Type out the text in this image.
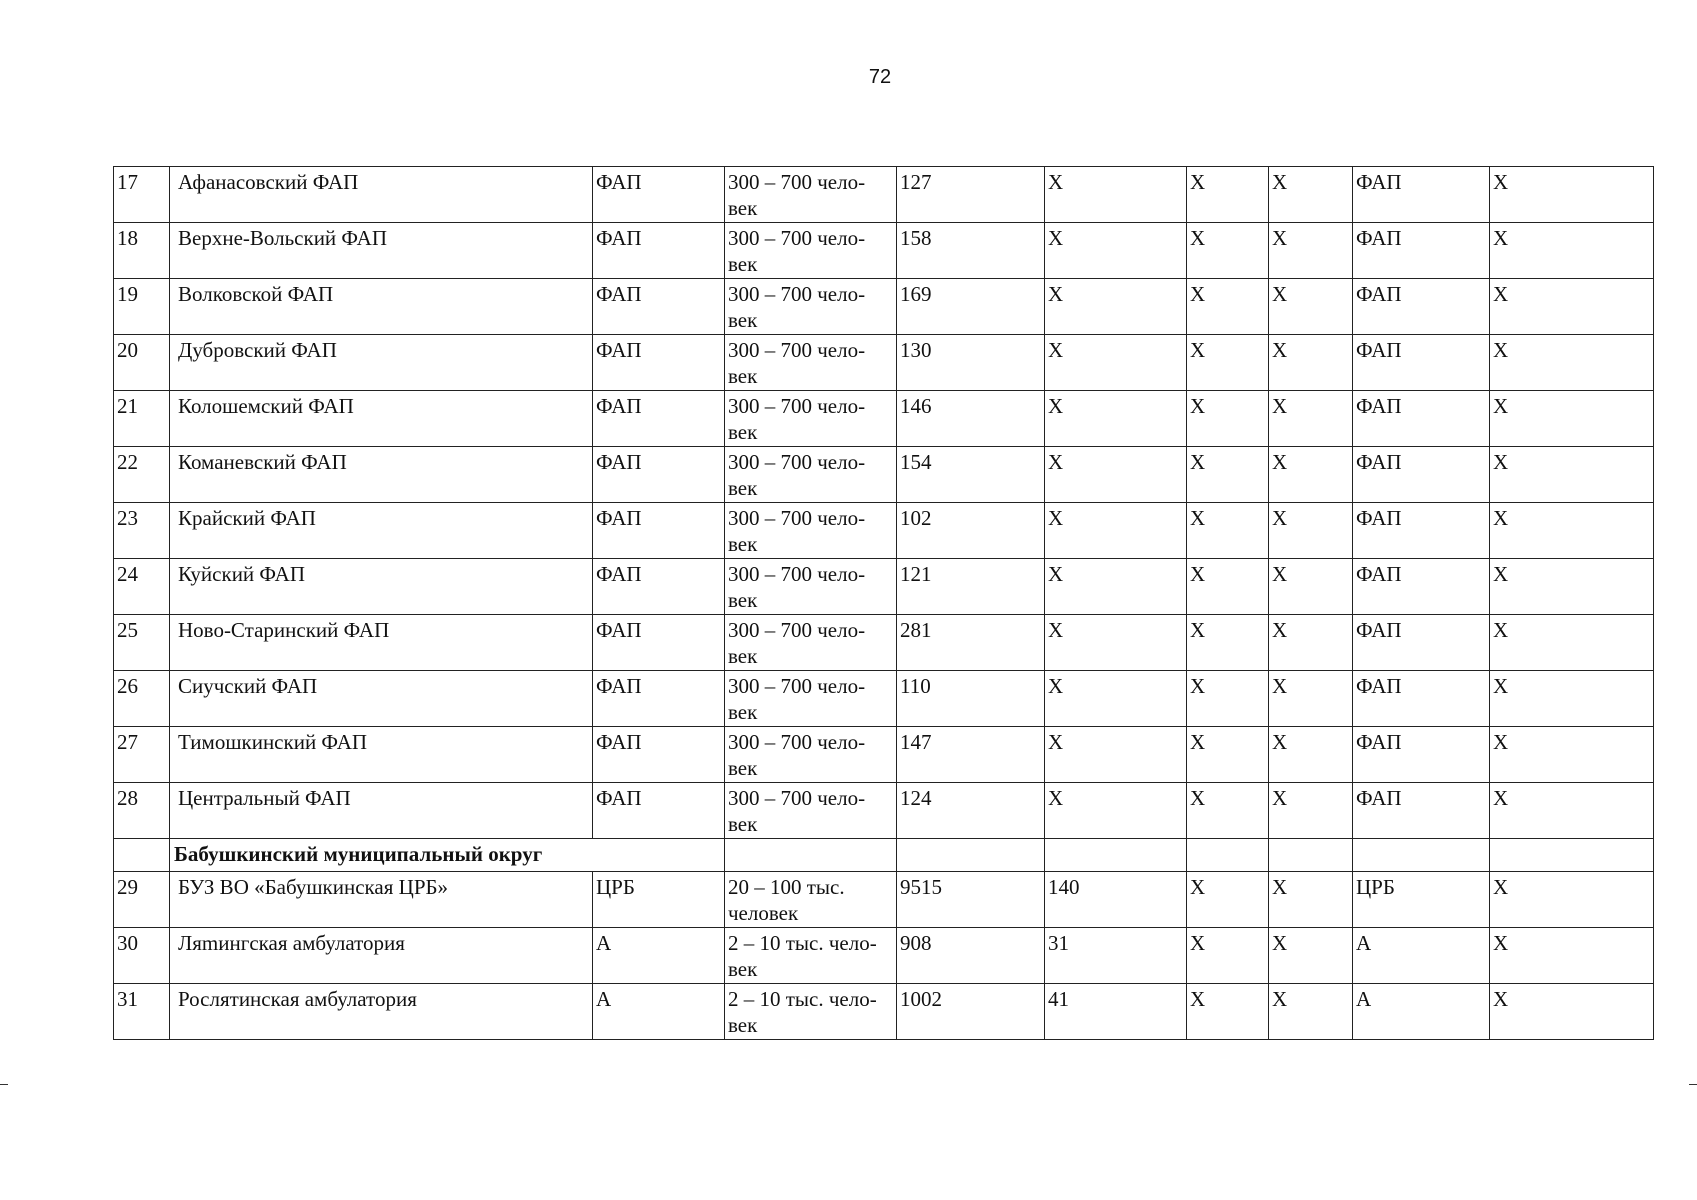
72
17	Афанасовский ФАП	ФАП	300 – 700 чело-
век	127	Х	Х	Х	ФАП	Х
18	Верхне-Вольский ФАП	ФАП	300 – 700 чело-
век	158	Х	Х	Х	ФАП	Х
19	Волковской ФАП	ФАП	300 – 700 чело-
век	169	Х	Х	Х	ФАП	Х
20	Дубровский ФАП	ФАП	300 – 700 чело-
век	130	Х	Х	Х	ФАП	Х
21	Колошемский ФАП	ФАП	300 – 700 чело-
век	146	Х	Х	Х	ФАП	Х
22	Команевский ФАП	ФАП	300 – 700 чело-
век	154	Х	Х	Х	ФАП	Х
23	Крайский ФАП	ФАП	300 – 700 чело-
век	102	Х	Х	Х	ФАП	Х
24	Куйский ФАП	ФАП	300 – 700 чело-
век	121	Х	Х	Х	ФАП	Х
25	Ново-Старинский ФАП	ФАП	300 – 700 чело-
век	281	Х	Х	Х	ФАП	Х
26	Сиучский ФАП	ФАП	300 – 700 чело-
век	110	Х	Х	Х	ФАП	Х
27	Тимошкинский ФАП	ФАП	300 – 700 чело-
век	147	Х	Х	Х	ФАП	Х
28	Центральный ФАП	ФАП	300 – 700 чело-
век	124	Х	Х	Х	ФАП	Х
	Бабушкинский муниципальный округ								
29	БУЗ ВО «Бабушкинская ЦРБ»	ЦРБ	20 – 100 тыс.
человек	9515	140	Х	Х	ЦРБ	Х
30	Ляmингская амбулатория	А	2 – 10 тыс. чело-
век	908	31	Х	Х	А	Х
31	Рослятинская амбулатория	А	2 – 10 тыс. чело-
век	1002	41	Х	Х	А	Х
